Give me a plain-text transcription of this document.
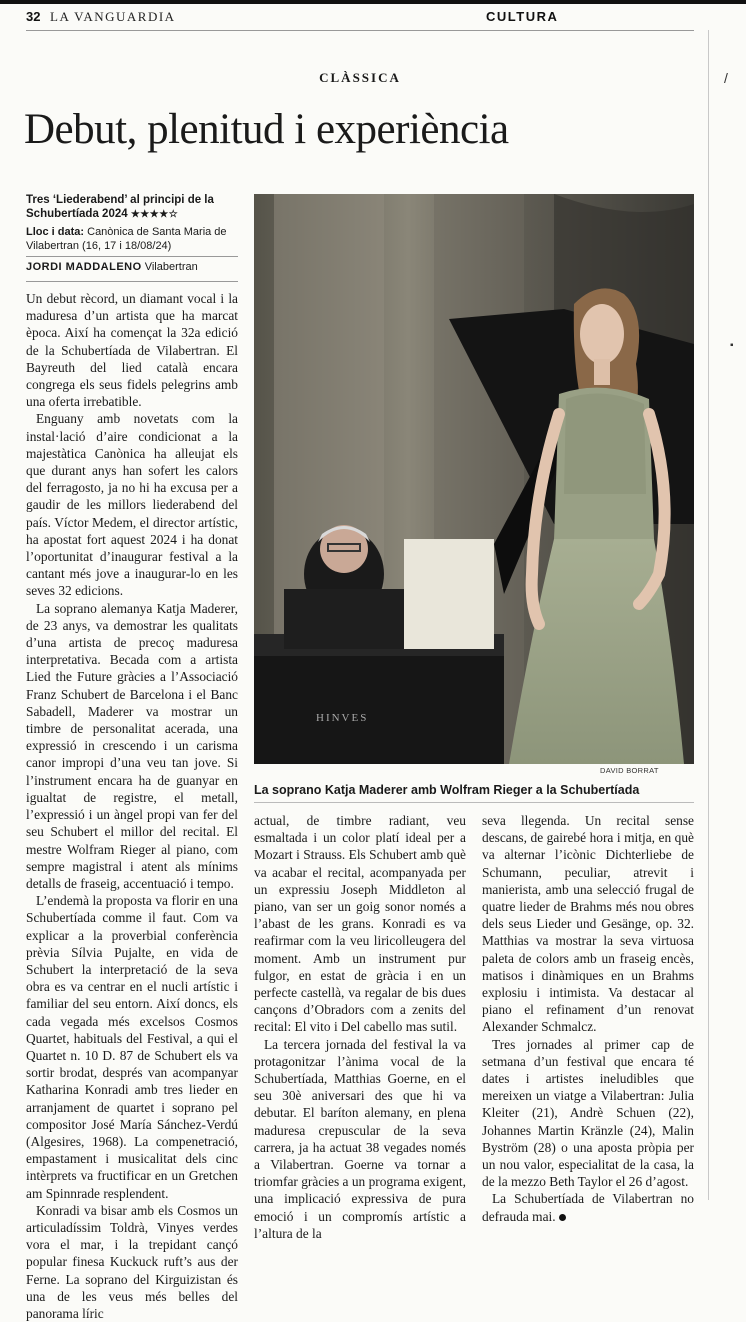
32 LA VANGUARDIA	CULTURA
CLÀSSICA
Debut, plenitud i experiència

Tres ‘Liederabend’ al principi de la Schubertíada 2024 ★★★★☆

Lloc i data: Canònica de Santa Maria de Vilabertran (16, 17 i 18/08/24)
JORDI MADDALENO Vilabertran

Un debut rècord, un diamant vocal i la maduresa d’un artista que ha marcat època. Així ha començat la 32a edició de la Schubertíada de Vilabertran. El Bayreuth del lied català encara congrega els seus fidels pelegrins amb una oferta irrebatible.

Enguany amb novetats com la instal·lació d’aire condicionat a la majestàtica Canònica ha alleujat els que durant anys han sofert les calors del ferragosto, ja no hi ha excusa per a gaudir de les millors liederabend del país. Víctor Medem, el director artístic, ha apostat fort aquest 2024 i ha donat l’oportunitat d’inaugurar festival a la cantant més jove a inaugurar-lo en les seves 32 edicions.

La soprano alemanya Katja Maderer, de 23 anys, va demostrar les qualitats d’una artista de precoç maduresa interpretativa. Becada com a artista Lied the Future gràcies a l’Associació Franz Schubert de Barcelona i el Banc Sabadell, Maderer va mostrar un timbre de personalitat acerada, una expressió in crescendo i un carisma canor impropi d’una veu tan jove. Si l’instrument encara ha de guanyar en igualtat de registre, el metall, l’expressió i un àngel propi van fer del seu Schubert el millor del recital. El mestre Wolfram Rieger al piano, com sempre magistral i atent als mínims detalls de fraseig, accentuació i tempo.

L’endemà la proposta va florir en una Schubertíada comme il faut. Com va explicar a la proverbial conferència prèvia Sílvia Pujalte, en vida de Schubert la interpretació de la seva obra es va centrar en el nucli artístic i familiar del seu entorn. Així doncs, els cada vegada més excelsos Cosmos Quartet, habituals del Festival, a qui el Quartet n. 10 D. 87 de Schubert els va sortir brodat, després van acompanyar Katharina Konradi amb tres lieder en arranjament de quartet i soprano pel compositor José María Sánchez-Verdú (Algesires, 1968). La compenetració, empastament i musicalitat dels cinc intèrprets va fructificar en un Gretchen am Spinnrade resplendent.

Konradi va bisar amb els Cosmos un articuladíssim Toldrà, Vinyes verdes vora el mar, i la trepidant cançó popular finesa Kuckuck ruft’s aus der Ferne. La soprano del Kirguizistan és una de les veus més belles del panorama líric

HINVES
DAVID BORRAT
La soprano Katja Maderer amb Wolfram Rieger a la Schubertíada

actual, de timbre radiant, veu esmaltada i un color platí ideal per a Mozart i Strauss. Els Schubert amb què va acabar el recital, acompanyada per un expressiu Joseph Middleton al piano, van ser un goig sonor només a l’abast de les grans. Konradi es va reafirmar com la veu liricolleugera del moment. Amb un instrument pur fulgor, en estat de gràcia i en un perfecte castellà, va regalar de bis dues cançons d’Obradors com a zenits del recital: El vito i Del cabello mas sutil.

La tercera jornada del festival la va protagonitzar l’ànima vocal de la Schubertíada, Matthias Goerne, en el seu 30è aniversari des que hi va debutar. El baríton alemany, en plena maduresa crepuscular de la seva carrera, ja ha actuat 38 vegades només a Vilabertran. Goerne va tornar a triomfar gràcies a un programa exigent, una implicació expressiva de pura emoció i un compromís artístic a l’altura de la

seva llegenda. Un recital sense descans, de gairebé hora i mitja, en què va alternar l’icònic Dichterliebe de Schumann, peculiar, atrevit i manierista, amb una selecció frugal de quatre lieder de Brahms més nou obres dels seus Lieder und Gesänge, op. 32. Matthias va mostrar la seva virtuosa paleta de colors amb un fraseig encès, matisos i dinàmiques en un Brahms explosiu i intimista. Va destacar al piano el refinament d’un renovat Alexander Schmalcz.

Tres jornades al primer cap de setmana d’un festival que encara té dates i artistes ineludibles que mereixen un viatge a Vilabertran: Julia Kleiter (21), Andrè Schuen (22), Johannes Martin Kränzle (24), Malin Byström (28) o una aposta pròpia per un nou valor, especialitat de la casa, la de la mezzo Beth Taylor el 26 d’agost.

La Schubertíada de Vilabertran no defrauda mai.

/
▪
